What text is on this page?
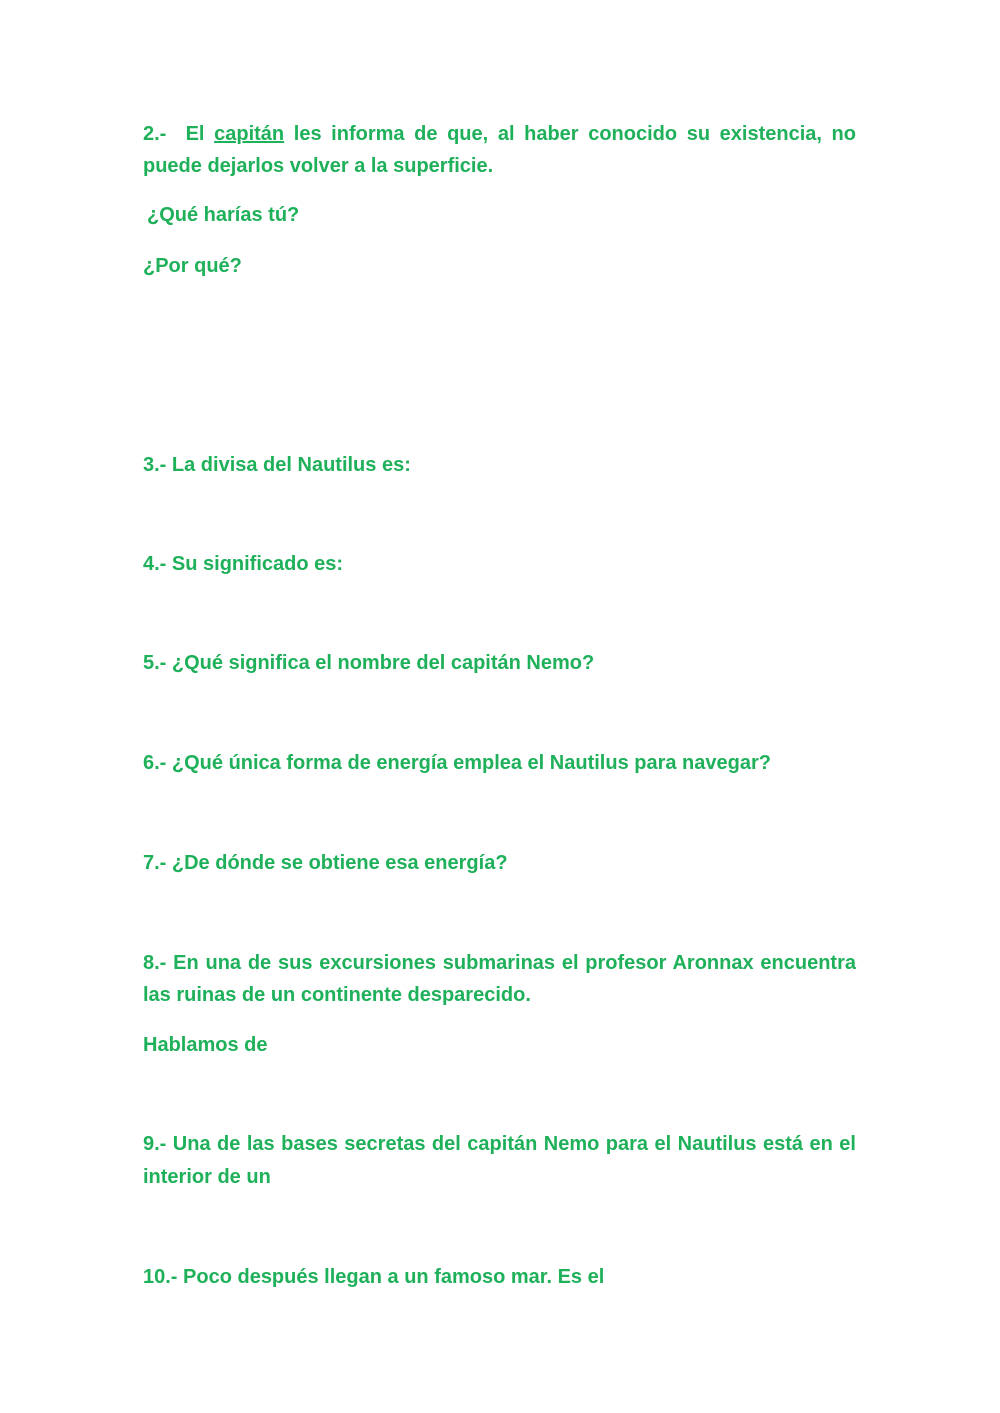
2.- El capitán les informa de que, al haber conocido su existencia, no
puede dejarlos volver a la superficie.
¿Qué harías tú?
¿Por qué?
3.- La divisa del Nautilus es:
4.- Su significado es:
5.- ¿Qué significa el nombre del capitán Nemo?
6.- ¿Qué única forma de energía emplea el Nautilus para navegar?
7.- ¿De dónde se obtiene esa energía?
8.- En una de sus excursiones submarinas el profesor Aronnax encuentra
las ruinas de un continente desparecido.
Hablamos de
9.- Una de las bases secretas del capitán Nemo para el Nautilus está en el
interior de un
10.- Poco después llegan a un famoso mar. Es el
